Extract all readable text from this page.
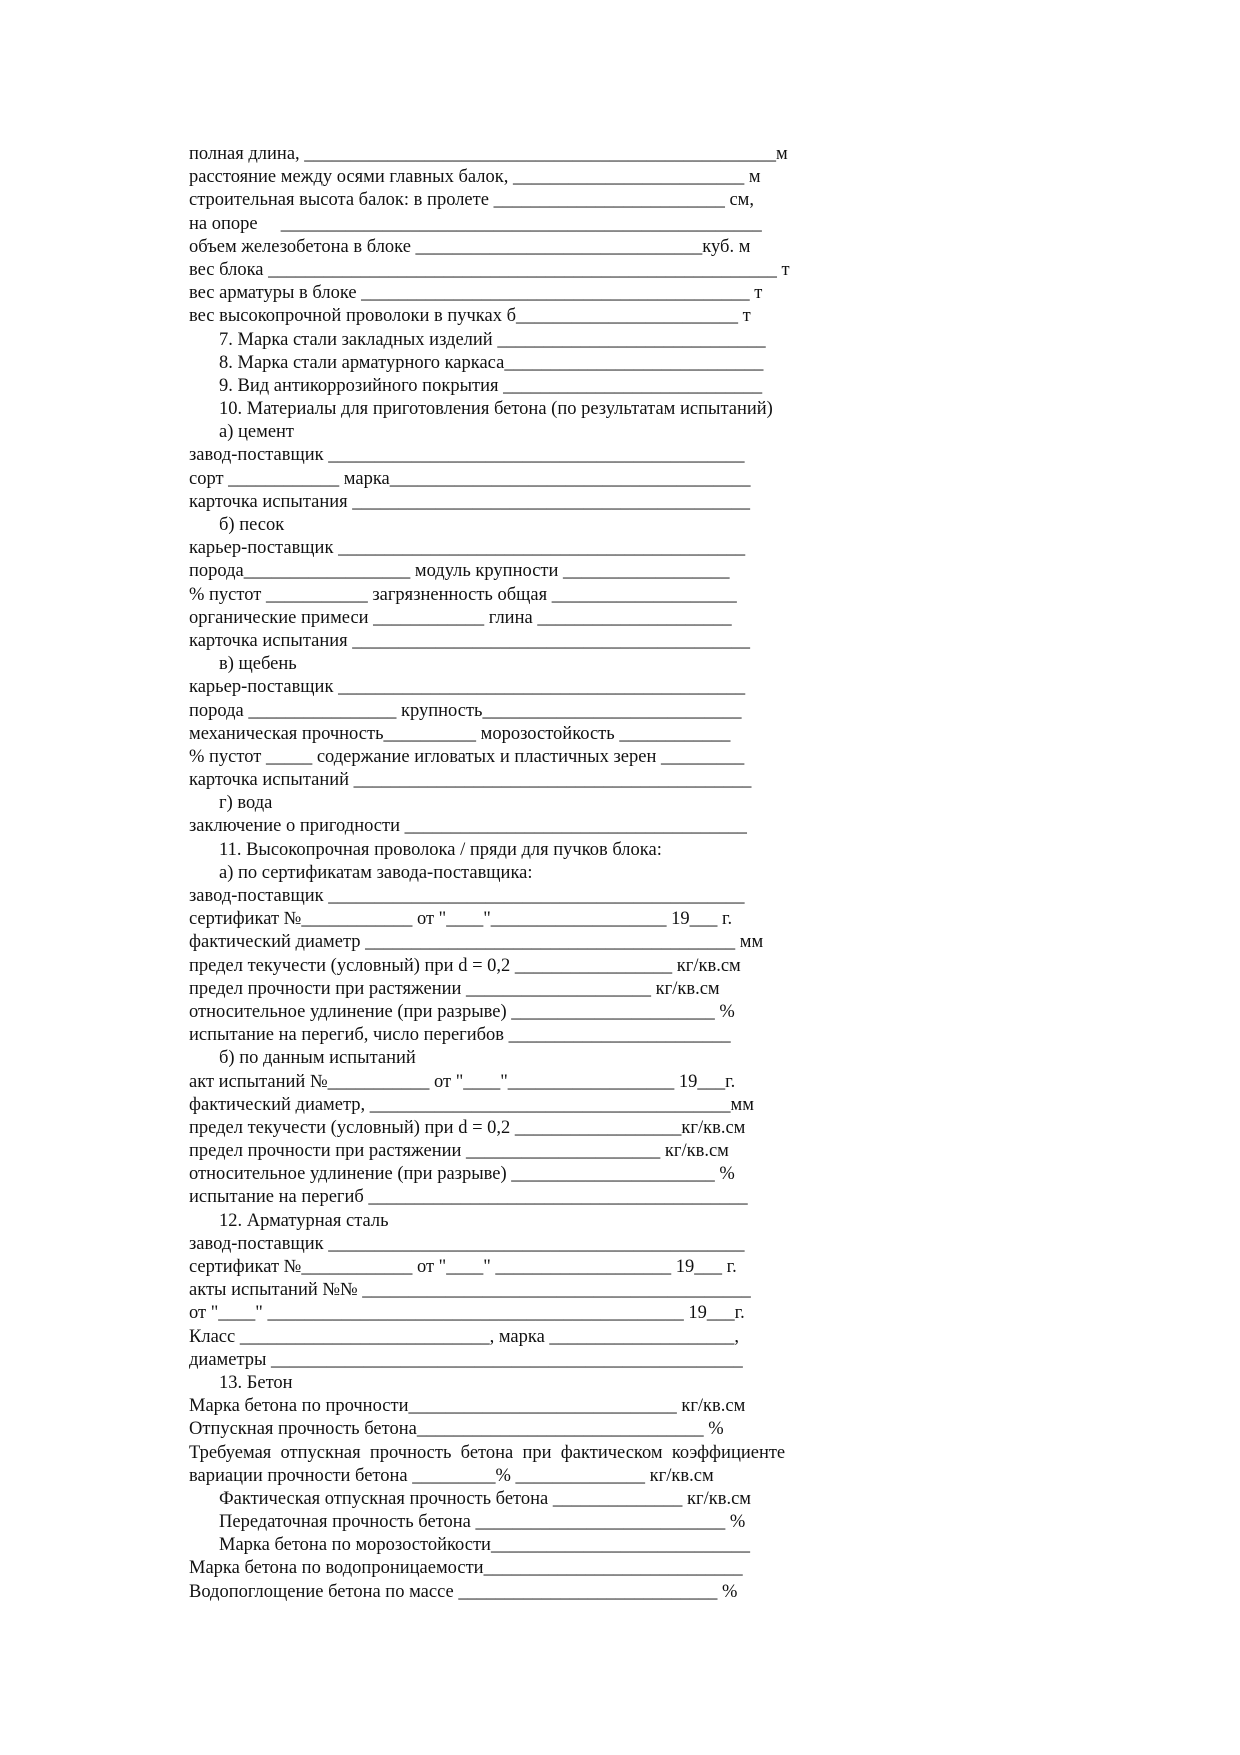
полная длина, ___________________________________________________м
расстояние между осями главных балок, _________________________ м
строительная высота балок: в пролете _________________________ см,
на опоре     ____________________________________________________
объем железобетона в блоке _______________________________куб. м
вес блока _______________________________________________________ т
вес арматуры в блоке __________________________________________ т
вес высокопрочной проволоки в пучках б________________________ т
7. Марка стали закладных изделий _____________________________
8. Марка стали арматурного каркаса____________________________
9. Вид антикоррозийного покрытия ____________________________
10. Материалы для приготовления бетона (по результатам испытаний)
а) цемент
завод-поставщик _____________________________________________
сорт ____________ марка_______________________________________
карточка испытания ___________________________________________
б) песок
карьер-поставщик ____________________________________________
порода__________________ модуль крупности __________________
% пустот ___________ загрязненность общая ____________________
органические примеси ____________ глина _____________________
карточка испытания ___________________________________________
в) щебень
карьер-поставщик ____________________________________________
порода ________________ крупность____________________________
механическая прочность__________ морозостойкость ____________
% пустот _____ содержание игловатых и пластичных зерен _________
карточка испытаний ___________________________________________
г) вода
заключение о пригодности _____________________________________
11. Высокопрочная проволока / пряди для пучков блока:
а) по сертификатам завода-поставщика:
завод-поставщик _____________________________________________
сертификат №____________ от "____"___________________ 19___ г.
фактический диаметр ________________________________________ мм
предел текучести (условный) при d = 0,2 _________________ кг/кв.см
предел прочности при растяжении ____________________ кг/кв.см
относительное удлинение (при разрыве) ______________________ %
испытание на перегиб, число перегибов ________________________
б) по данным испытаний
акт испытаний №___________ от "____"__________________ 19___г.
фактический диаметр, _______________________________________мм
предел текучести (условный) при d = 0,2 __________________кг/кв.см
предел прочности при растяжении _____________________ кг/кв.см
относительное удлинение (при разрыве) ______________________ %
испытание на перегиб _________________________________________
12. Арматурная сталь
завод-поставщик _____________________________________________
сертификат №____________ от "____" ___________________ 19___ г.
акты испытаний №№ __________________________________________
от "____" _____________________________________________ 19___г.
Класс ___________________________, марка ____________________,
диаметры ___________________________________________________
13. Бетон
Марка бетона по прочности_____________________________ кг/кв.см
Отпускная прочность бетона_______________________________ %
Требуемая  отпускная  прочность  бетона  при  фактическом  коэффициенте
вариации прочности бетона _________% ______________ кг/кв.см
Фактическая отпускная прочность бетона ______________ кг/кв.см
Передаточная прочность бетона ___________________________ %
Марка бетона по морозостойкости____________________________
Марка бетона по водопроницаемости____________________________
Водопоглощение бетона по массе ____________________________ %
